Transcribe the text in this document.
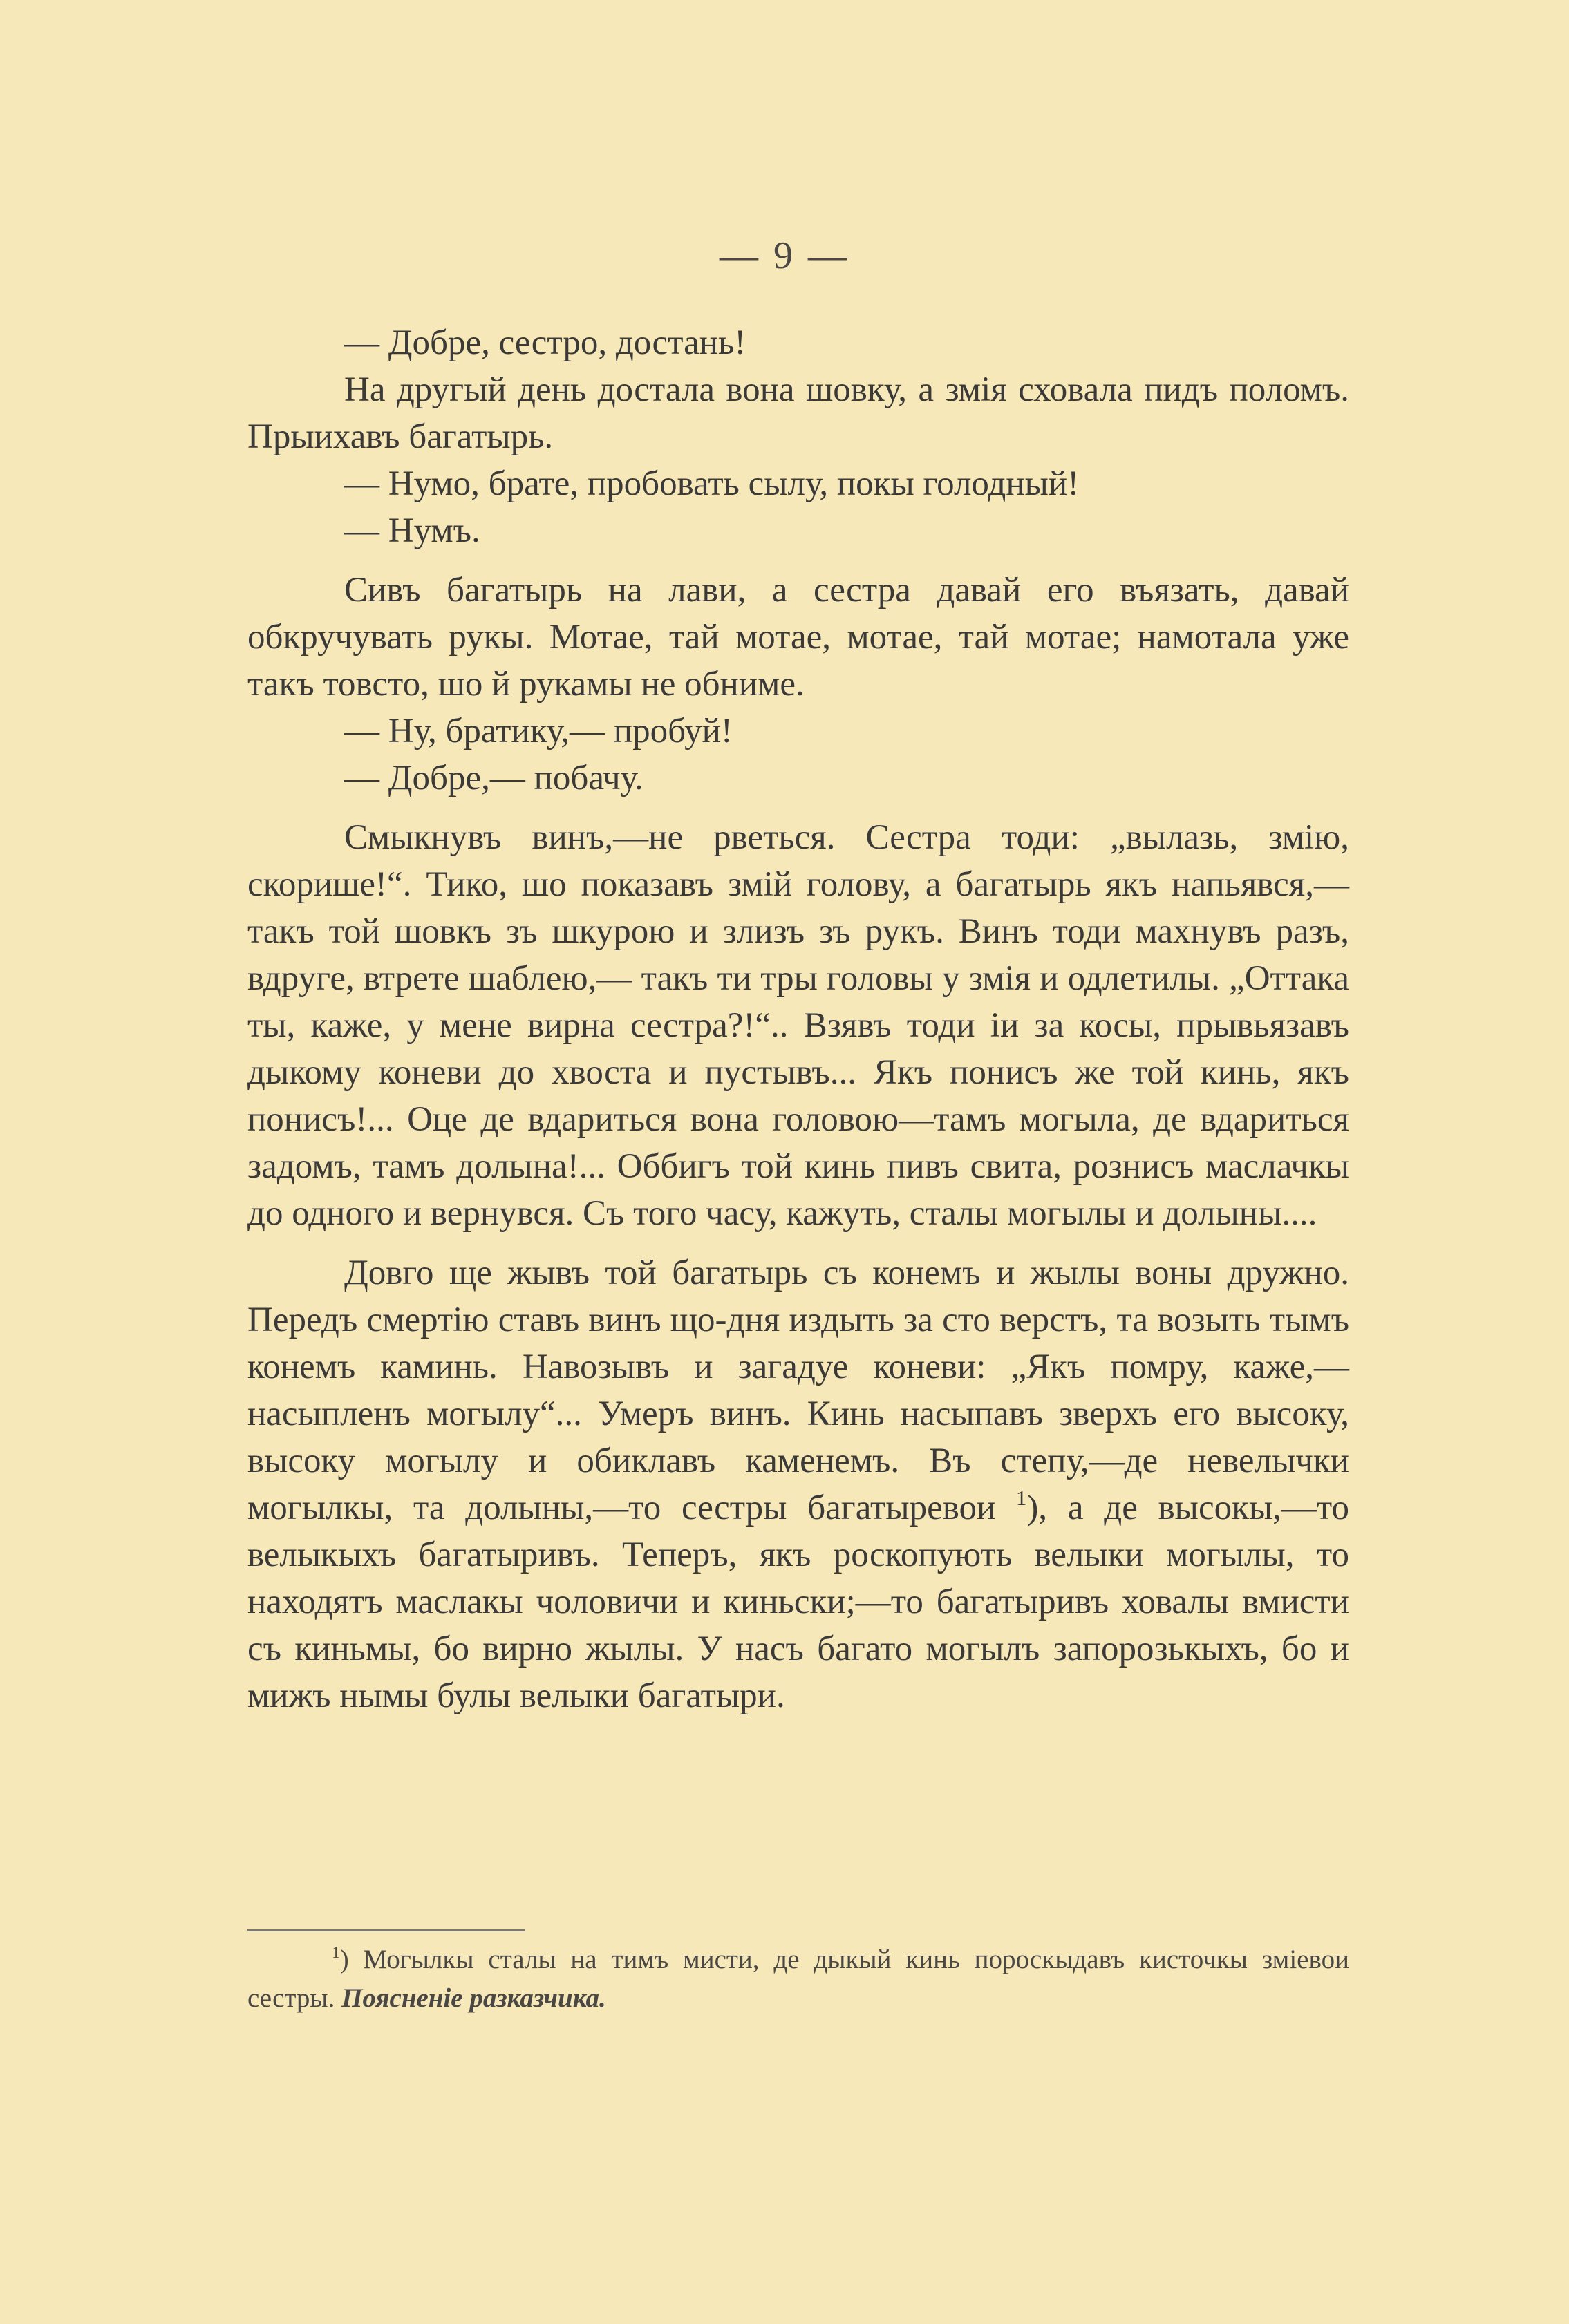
— 9 —

— Добре, сестро, достань!

На другый день достала вона шовку, а змія сховала пидъ поломъ. Прыихавъ багатырь.

— Нумо, брате, пробовать сылу, покы голодный!

— Нумъ.

Сивъ багатырь на лави, а сестра давай его въязать, давай обкручувать рукы. Мотае, тай мотае, мотае, тай мотае; намотала уже такъ товсто, шо й рукамы не обниме.

— Ну, братику,— пробуй!

— Добре,— побачу.

Смыкнувъ винъ,—не рветься. Сестра тоди: „вылазь, змію, скорише!“. Тико, шо показавъ змій голову, а багатырь якъ напьявся,—такъ той шовкъ зъ шкурою и злизъ зъ рукъ. Винъ тоди махнувъ разъ, вдруге, втрете шаблею,— такъ ти тры головы у змія и одлетилы. „Оттака ты, каже, у мене вирна сестра?!“.. Взявъ тоди іи за косы, прывьязавъ дыкому коневи до хвоста и пустывъ... Якъ понисъ же той кинь, якъ понисъ!... Оце де вдариться вона головою—тамъ могыла, де вдариться задомъ, тамъ долына!... Оббигъ той кинь пивъ свита, рознисъ маслачкы до одного и вернувся. Съ того часу, кажуть, сталы могылы и долыны....

Довго ще жывъ той багатырь съ конемъ и жылы воны дружно. Передъ смертію ставъ винъ що-дня издыть за сто верстъ, та возыть тымъ конемъ каминь. Навозывъ и загадуе коневи: „Якъ помру, каже,—насыпленъ могылу“... Умеръ винъ. Кинь насыпавъ зверхъ его высоку, высоку могылу и обиклавъ каменемъ. Въ степу,—де невелычки могылкы, та долыны,—то сестры багатыревои $^1$), а де высокы,—то велыкыхъ багатыривъ. Теперъ, якъ роскопують велыки могылы, то находятъ маслакы чоловичи и киньски;—то багатыривъ ховалы вмисти съ киньмы, бо вирно жылы. У насъ багато могылъ запорозькыхъ, бо и мижъ нымы булы велыки багатыри.

$^1$) Могылкы сталы на тимъ мисти, де дыкый кинь пороскыдавъ кисточкы зміевои сестры. Поясненіе разказчика.
